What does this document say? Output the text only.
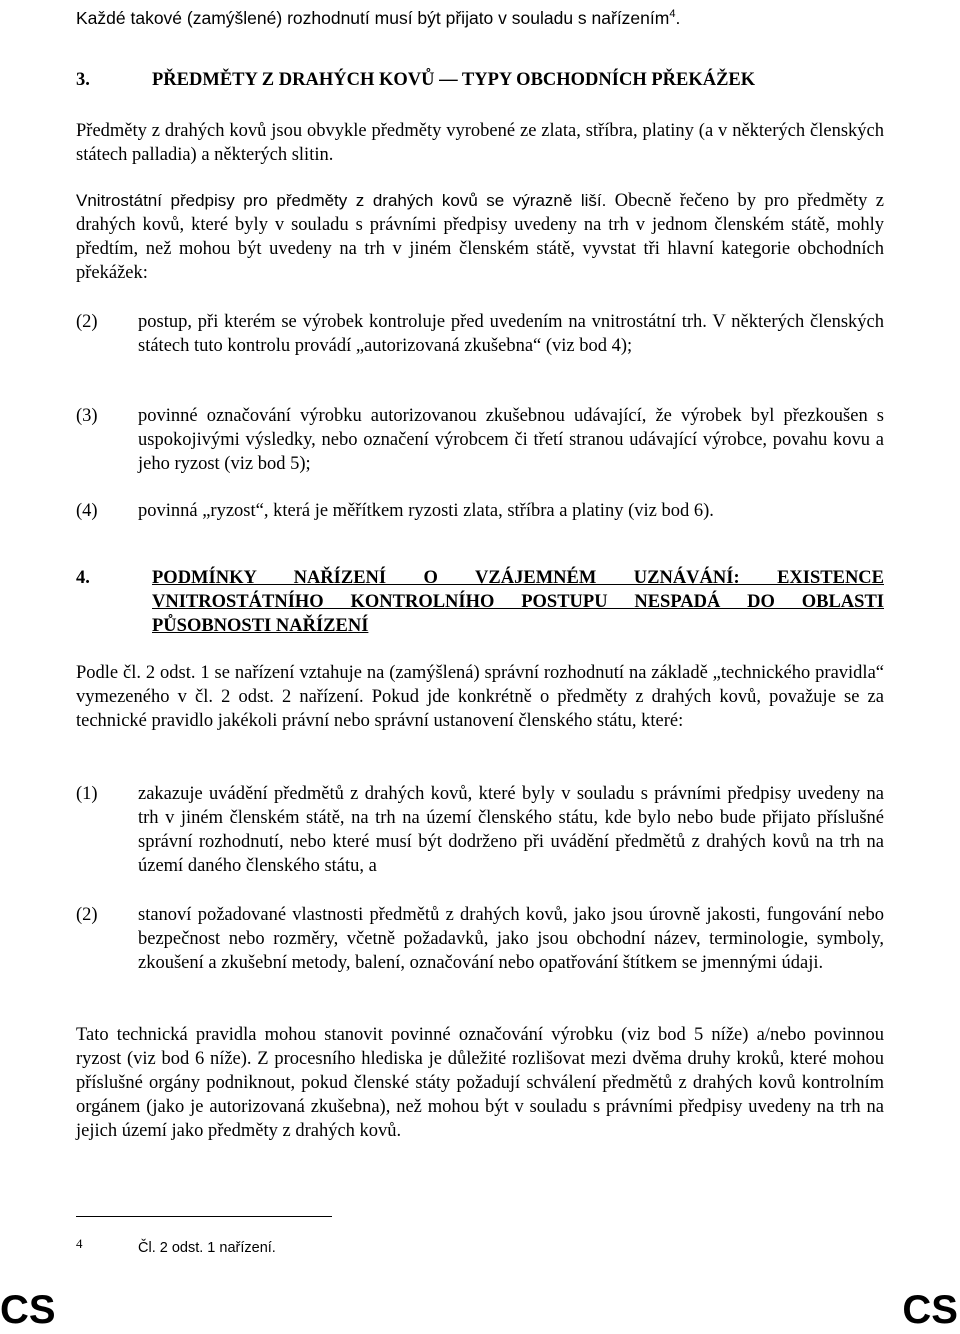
Každé takové (zamýšlené) rozhodnutí musí být přijato v souladu s nařízením$^4$.
3.	PŘEDMĚTY Z DRAHÝCH KOVŮ — TYPY OBCHODNÍCH PŘEKÁŽEK
Předměty z drahých kovů jsou obvykle předměty vyrobené ze zlata, stříbra, platiny (a v některých členských státech palladia) a některých slitin.
Vnitrostátní předpisy pro předměty z drahých kovů se výrazně liší. Obecně řečeno by pro předměty z drahých kovů, které byly v souladu s právními předpisy uvedeny na trh v jednom členském státě, mohly předtím, než mohou být uvedeny na trh v jiném členském státě, vyvstat tři hlavní kategorie obchodních překážek:
(2) postup, při kterém se výrobek kontroluje před uvedením na vnitrostátní trh. V některých členských státech tuto kontrolu provádí „autorizovaná zkušebna“ (viz bod 4);
(3) povinné označování výrobku autorizovanou zkušebnou udávající, že výrobek byl přezkoušen s uspokojivými výsledky, nebo označení výrobcem či třetí stranou udávající výrobce, povahu kovu a jeho ryzost (viz bod 5);
(4) povinná „ryzost“, která je měřítkem ryzosti zlata, stříbra a platiny (viz bod 6).
4.	PODMÍNKY NAŘÍZENÍ O VZÁJEMNÉM UZNÁVÁNÍ: EXISTENCE
VNITROSTÁTNÍHO KONTROLNÍHO POSTUPU NESPADÁ DO OBLASTI
PŮSOBNOSTI NAŘÍZENÍ
Podle čl. 2 odst. 1 se nařízení vztahuje na (zamýšlená) správní rozhodnutí na základě „technického pravidla“ vymezeného v čl. 2 odst. 2 nařízení. Pokud jde konkrétně o předměty z drahých kovů, považuje se za technické pravidlo jakékoli právní nebo správní ustanovení členského státu, které:
(1) zakazuje uvádění předmětů z drahých kovů, které byly v souladu s právními předpisy uvedeny na trh v jiném členském státě, na trh na území členského státu, kde bylo nebo bude přijato příslušné správní rozhodnutí, nebo které musí být dodrženo při uvádění předmětů z drahých kovů na trh na území daného členského státu, a
(2) stanoví požadované vlastnosti předmětů z drahých kovů, jako jsou úrovně jakosti, fungování nebo bezpečnost nebo rozměry, včetně požadavků, jako jsou obchodní název, terminologie, symboly, zkoušení a zkušební metody, balení, označování nebo opatřování štítkem se jmennými údaji.
Tato technická pravidla mohou stanovit povinné označování výrobku (viz bod 5 níže) a/nebo povinnou ryzost (viz bod 6 níže). Z procesního hlediska je důležité rozlišovat mezi dvěma druhy kroků, které mohou příslušné orgány podniknout, pokud členské státy požadují schválení předmětů z drahých kovů kontrolním orgánem (jako je autorizovaná zkušebna), než mohou být v souladu s právními předpisy uvedeny na trh na jejich území jako předměty z drahých kovů.
4	Čl. 2 odst. 1 nařízení.
CS	CS
